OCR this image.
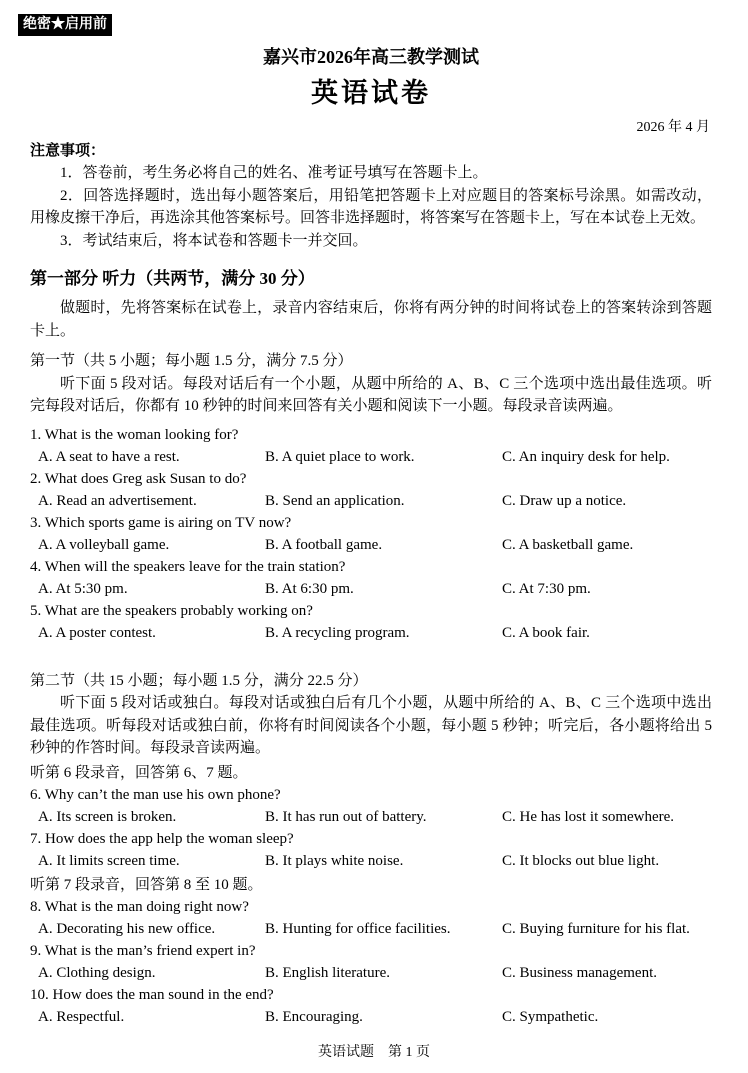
绝密★启用前
嘉兴市2026年高三教学测试
英语试卷
2026 年 4 月
注意事项：
1．答卷前，考生务必将自己的姓名、准考证号填写在答题卡上。
2．回答选择题时，选出每小题答案后，用铅笔把答题卡上对应题目的答案标号涂黑。如需改动，用橡皮擦干净后，再选涂其他答案标号。回答非选择题时，将答案写在答题卡上，写在本试卷上无效。
3．考试结束后，将本试卷和答题卡一并交回。
第一部分 听力（共两节，满分 30 分）
做题时，先将答案标在试卷上，录音内容结束后，你将有两分钟的时间将试卷上的答案转涂到答题卡上。
第一节（共 5 小题；每小题 1.5 分，满分 7.5 分）
听下面 5 段对话。每段对话后有一个小题，从题中所给的 A、B、C 三个选项中选出最佳选项。听完每段对话后，你都有 10 秒钟的时间来回答有关小题和阅读下一小题。每段录音读两遍。
1. What is the woman looking for?
A. A seat to have a rest.	B. A quiet place to work.	C. An inquiry desk for help.
2. What does Greg ask Susan to do?
A. Read an advertisement.	B. Send an application.	C. Draw up a notice.
3. Which sports game is airing on TV now?
A. A volleyball game.	B. A football game.	C. A basketball game.
4. When will the speakers leave for the train station?
A. At 5:30 pm.	B. At 6:30 pm.	C. At 7:30 pm.
5. What are the speakers probably working on?
A. A poster contest.	B. A recycling program.	C. A book fair.
第二节（共 15 小题；每小题 1.5 分，满分 22.5 分）
听下面 5 段对话或独白。每段对话或独白后有几个小题，从题中所给的 A、B、C 三个选项中选出最佳选项。听每段对话或独白前，你将有时间阅读各个小题，每小题 5 秒钟；听完后，各小题将给出 5 秒钟的作答时间。每段录音读两遍。
听第 6 段录音，回答第 6、7 题。
6. Why can’t the man use his own phone?
A. Its screen is broken.	B. It has run out of battery.	C. He has lost it somewhere.
7. How does the app help the woman sleep?
A. It limits screen time.	B. It plays white noise.	C. It blocks out blue light.
听第 7 段录音，回答第 8 至 10 题。
8. What is the man doing right now?
A. Decorating his new office.	B. Hunting for office facilities.	C. Buying furniture for his flat.
9. What is the man’s friend expert in?
A. Clothing design.	B. English literature.	C. Business management.
10. How does the man sound in the end?
A. Respectful.	B. Encouraging.	C. Sympathetic.
英语试题　第 1 页
